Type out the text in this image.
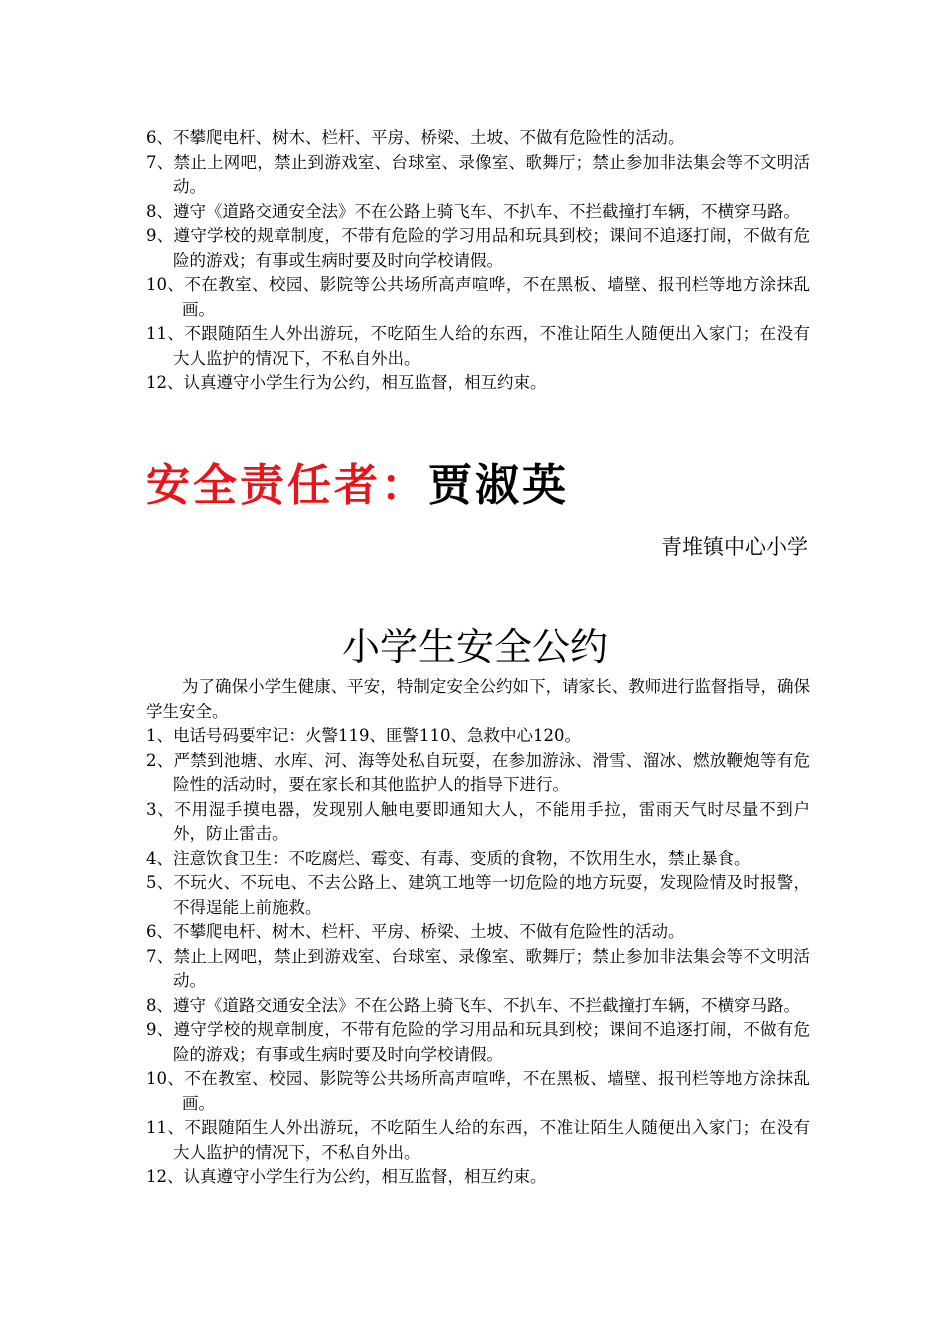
6、不攀爬电杆、树木、栏杆、平房、桥梁、土坡、不做有危险性的活动。
7、禁止上网吧，禁止到游戏室、台球室、录像室、歌舞厅；禁止参加非法集会等不文明活动。
8、遵守《道路交通安全法》不在公路上骑飞车、不扒车、不拦截撞打车辆，不横穿马路。
9、遵守学校的规章制度，不带有危险的学习用品和玩具到校；课间不追逐打闹，不做有危险的游戏；有事或生病时要及时向学校请假。
10、不在教室、校园、影院等公共场所高声喧哗，不在黑板、墙壁、报刊栏等地方涂抹乱画。
11、不跟随陌生人外出游玩，不吃陌生人给的东西，不准让陌生人随便出入家门；在没有大人监护的情况下，不私自外出。
12、认真遵守小学生行为公约，相互监督，相互约束。
安全责任者：贾淑英
青堆镇中心小学
小学生安全公约

为了确保小学生健康、平安，特制定安全公约如下，请家长、教师进行监督指导，确保学生安全。

1、电话号码要牢记：火警119、匪警110、急救中心120。
2、严禁到池塘、水库、河、海等处私自玩耍，在参加游泳、滑雪、溜冰、燃放鞭炮等有危险性的活动时，要在家长和其他监护人的指导下进行。
3、不用湿手摸电器，发现别人触电要即通知大人，不能用手拉，雷雨天气时尽量不到户外，防止雷击。
4、注意饮食卫生：不吃腐烂、霉变、有毒、变质的食物，不饮用生水，禁止暴食。
5、不玩火、不玩电、不去公路上、建筑工地等一切危险的地方玩耍，发现险情及时报警，不得逞能上前施救。
6、不攀爬电杆、树木、栏杆、平房、桥梁、土坡、不做有危险性的活动。
7、禁止上网吧，禁止到游戏室、台球室、录像室、歌舞厅；禁止参加非法集会等不文明活动。
8、遵守《道路交通安全法》不在公路上骑飞车、不扒车、不拦截撞打车辆，不横穿马路。
9、遵守学校的规章制度，不带有危险的学习用品和玩具到校；课间不追逐打闹，不做有危险的游戏；有事或生病时要及时向学校请假。
10、不在教室、校园、影院等公共场所高声喧哗，不在黑板、墙壁、报刊栏等地方涂抹乱画。
11、不跟随陌生人外出游玩，不吃陌生人给的东西，不准让陌生人随便出入家门；在没有大人监护的情况下，不私自外出。
12、认真遵守小学生行为公约，相互监督，相互约束。
